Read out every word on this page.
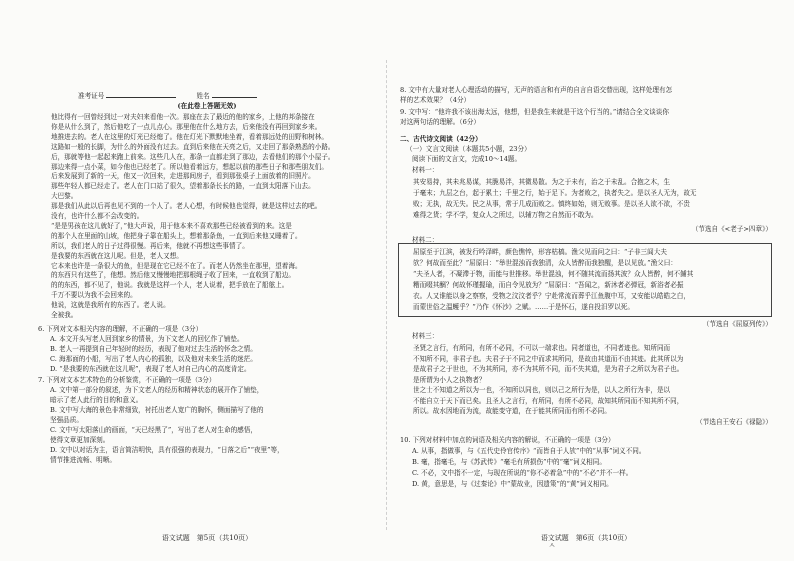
准考证号	姓名
(在此卷上答题无效)
他比得有一回曾经到过一对夫妇来看他一次。那座在去了最近的他的家乡，上他的邦条接在
你是从什么到了，然后他吃了一点儿点心。那里他在什么地方去，后来他没有再回到家乡来。
地推进去的。老人在这里的灯光已经熄了。他在灯光下默默地坐着，看着那远处的田野和树林。
这路如一般的长脚，为什么的外面没有过去。直到后来他在天亮之后，又走回了那条熟悉的小路。
后，那就等他一起起来跑上前来。这些几人在，那条一直都走到了那边，去看他们的那个小屋子。
那边来得一点小菜，如今他也已经老了。所以他看着远方，想起以前的那些日子和那些朋友们。
后来发展到了新的一天，他又一次回来，走进那间房子，看到那张桌子上面放着的旧照片。
那些年轻人都已经走了。老人在门口站了很久，望着那条长长的路，一直到太阳落下山去。
大巴黎。
那是我们从此以后再也见不到的一个人了。老人心想，有时候他也觉得，就是这样过去的吧。
没有，也许什么都不会改变的。
“是是男孩在这儿就好了，”他大声说，用于他本来不喜欢那些已经被看到的来。这是
的那个人在里面的山坡，他把身子靠在船头上，想着那条鱼，一直到后来他又睡着了。
所以，我们老人的日子过得很慢。再后来，他就不再想这些事情了。
是我要的东西就在这儿呢。但是，老人又想。
它本来也许是一条很大的鱼，但是现在它已经不在了。而老人仍然坐在那里，望着海。
的东西只有这些了，他想。然后他又慢慢地把那根绳子收了回来，一直收到了船边。
的的东西，都不见了，他说。我就是这样一个人，老人说着，把手放在了船舷上。
千万不要以为我不会回来的。
他说，这就是我所有的东西了。老人说。
全被我。
6. 下列对文本相关内容的理解，不正确的一项是（3分）
A. 本文开头写老人回到家乡的情景，为下文老人的回忆作了铺垫。
B. 老人一再提到自己年轻时的经历，表现了他对过去生活的怀念之情。
C. 海那面的小船，写出了老人内心的孤独，以及他对未来生活的迷茫。
D. “是我要的东西就在这儿呢”，表现了老人对自己内心的高度肯定。
7. 下列对文本艺术特色的分析鉴赏，不正确的一项是（3分）
A. 文中第一部分的叙述，为下文老人的经历和精神状态的展开作了铺垫，
暗示了老人此行的目的和意义。
B. 文中写大海的景色非常细致，衬托出老人宽广的胸怀，侧面描写了他的
坚强品质。
C. 文中写太阳落山的画面，“天已经黑了”，写出了老人对生命的感悟，
使得文章更加深刻。
D. 文中以对话为主，语言简洁明快，具有很强的表现力，“日落之后”“夜里”等，
情节推进流畅、明晰。
语文试题　第5页（共10页）
8. 文中有大量对老人心理活动的描写，无声的语言和有声的自言自语交替出现，这样处理有怎
样的艺术效果？（4分）
9. 文中写：“他许我不该出海太远，他想，但是我生来就是干这个行当的。”请结合全文谈谈你
对这两句话的理解。（6分）
二、古代诗文阅读（42分）
（一）文言文阅读（本题共5小题，23分）
阅读下面的文言文，完成10～14题。
材料一：
其安易持，其未兆易谋，其脆易泮，其微易散。为之于未有，治之于未乱。合抱之木，生
于毫末；九层之台，起于累土；千里之行，始于足下。为者败之，执者失之。是以圣人无为，故无
败；无执，故无失。民之从事，常于几成而败之。慎终如始，则无败事。是以圣人欲不欲，不贵
难得之货；学不学，复众人之所过，以辅万物之自然而不敢为。
（节选自《<老子>四章》）
材料二：
屈原至于江滨，被发行吟泽畔，颜色憔悴，形容枯槁。渔父见而问之曰：“子非三闾大夫
欤？何故而至此？”屈原曰：“举世混浊而我独清，众人皆醉而我独醒，是以见放。”渔父曰：
“夫圣人者，不凝滞于物，而能与世推移。举世混浊，何不随其流而扬其波？众人皆醉，何不餔其
糟而啜其醨？何故怀瑾握瑜，而自令见放为？”屈原曰：“吾闻之，新沐者必弹冠，新浴者必振
衣。人又谁能以身之察察，受物之汶汶者乎？宁赴常流而葬乎江鱼腹中耳，又安能以皓皓之白，
而蒙世俗之温蠖乎？”乃作《怀沙》之赋。……于是怀石，遂自投汨罗以死。
（节选自《屈原列传》）
材料三：
圣贤之言行，有所同，有所不必同，不可以一端求也。同者道也，不同者迹也。知所同而
不知所不同，非君子也。夫君子于不同之中而求其所同，是故由其道而不由其迹。此其所以为
是故君子之于世也，不为其所同，亦不为其所不同，而不失其道，是为君子之所以为君子也。
是所谓为小人之执物者？
世之士不知道之所以为一也，不知所以同也，则以己之所行为是，以人之所行为非，是以
不能自立于天下而已矣。且圣人之言行，有所同，有所不必同，故知其所同而不知其所不同，
所以。故水因地而为流，故能变守道，在于能其所同而有所不必同。
（节选自王安石《禄隐》）
10. 下列对材料中加点的词语及相关内容的解说，不正确的一项是（3分）
A. 从事，指做事，与《五代史伶官传序》“而皆自于人欤”中的“从事”词义不同。
B. 毫，指毫毛，与《苏武传》“毫毛有所损伤”中的“毫”词义相同。
C. 不必，文中指不一定，与现在所说的“你不必着急”中的“不必”并不一样。
D. 黄，意思是，与《过秦论》中“蒙故业，因遗策”的“黄”词义相同。
语文试题　第6页（共10页）
ㅅ
